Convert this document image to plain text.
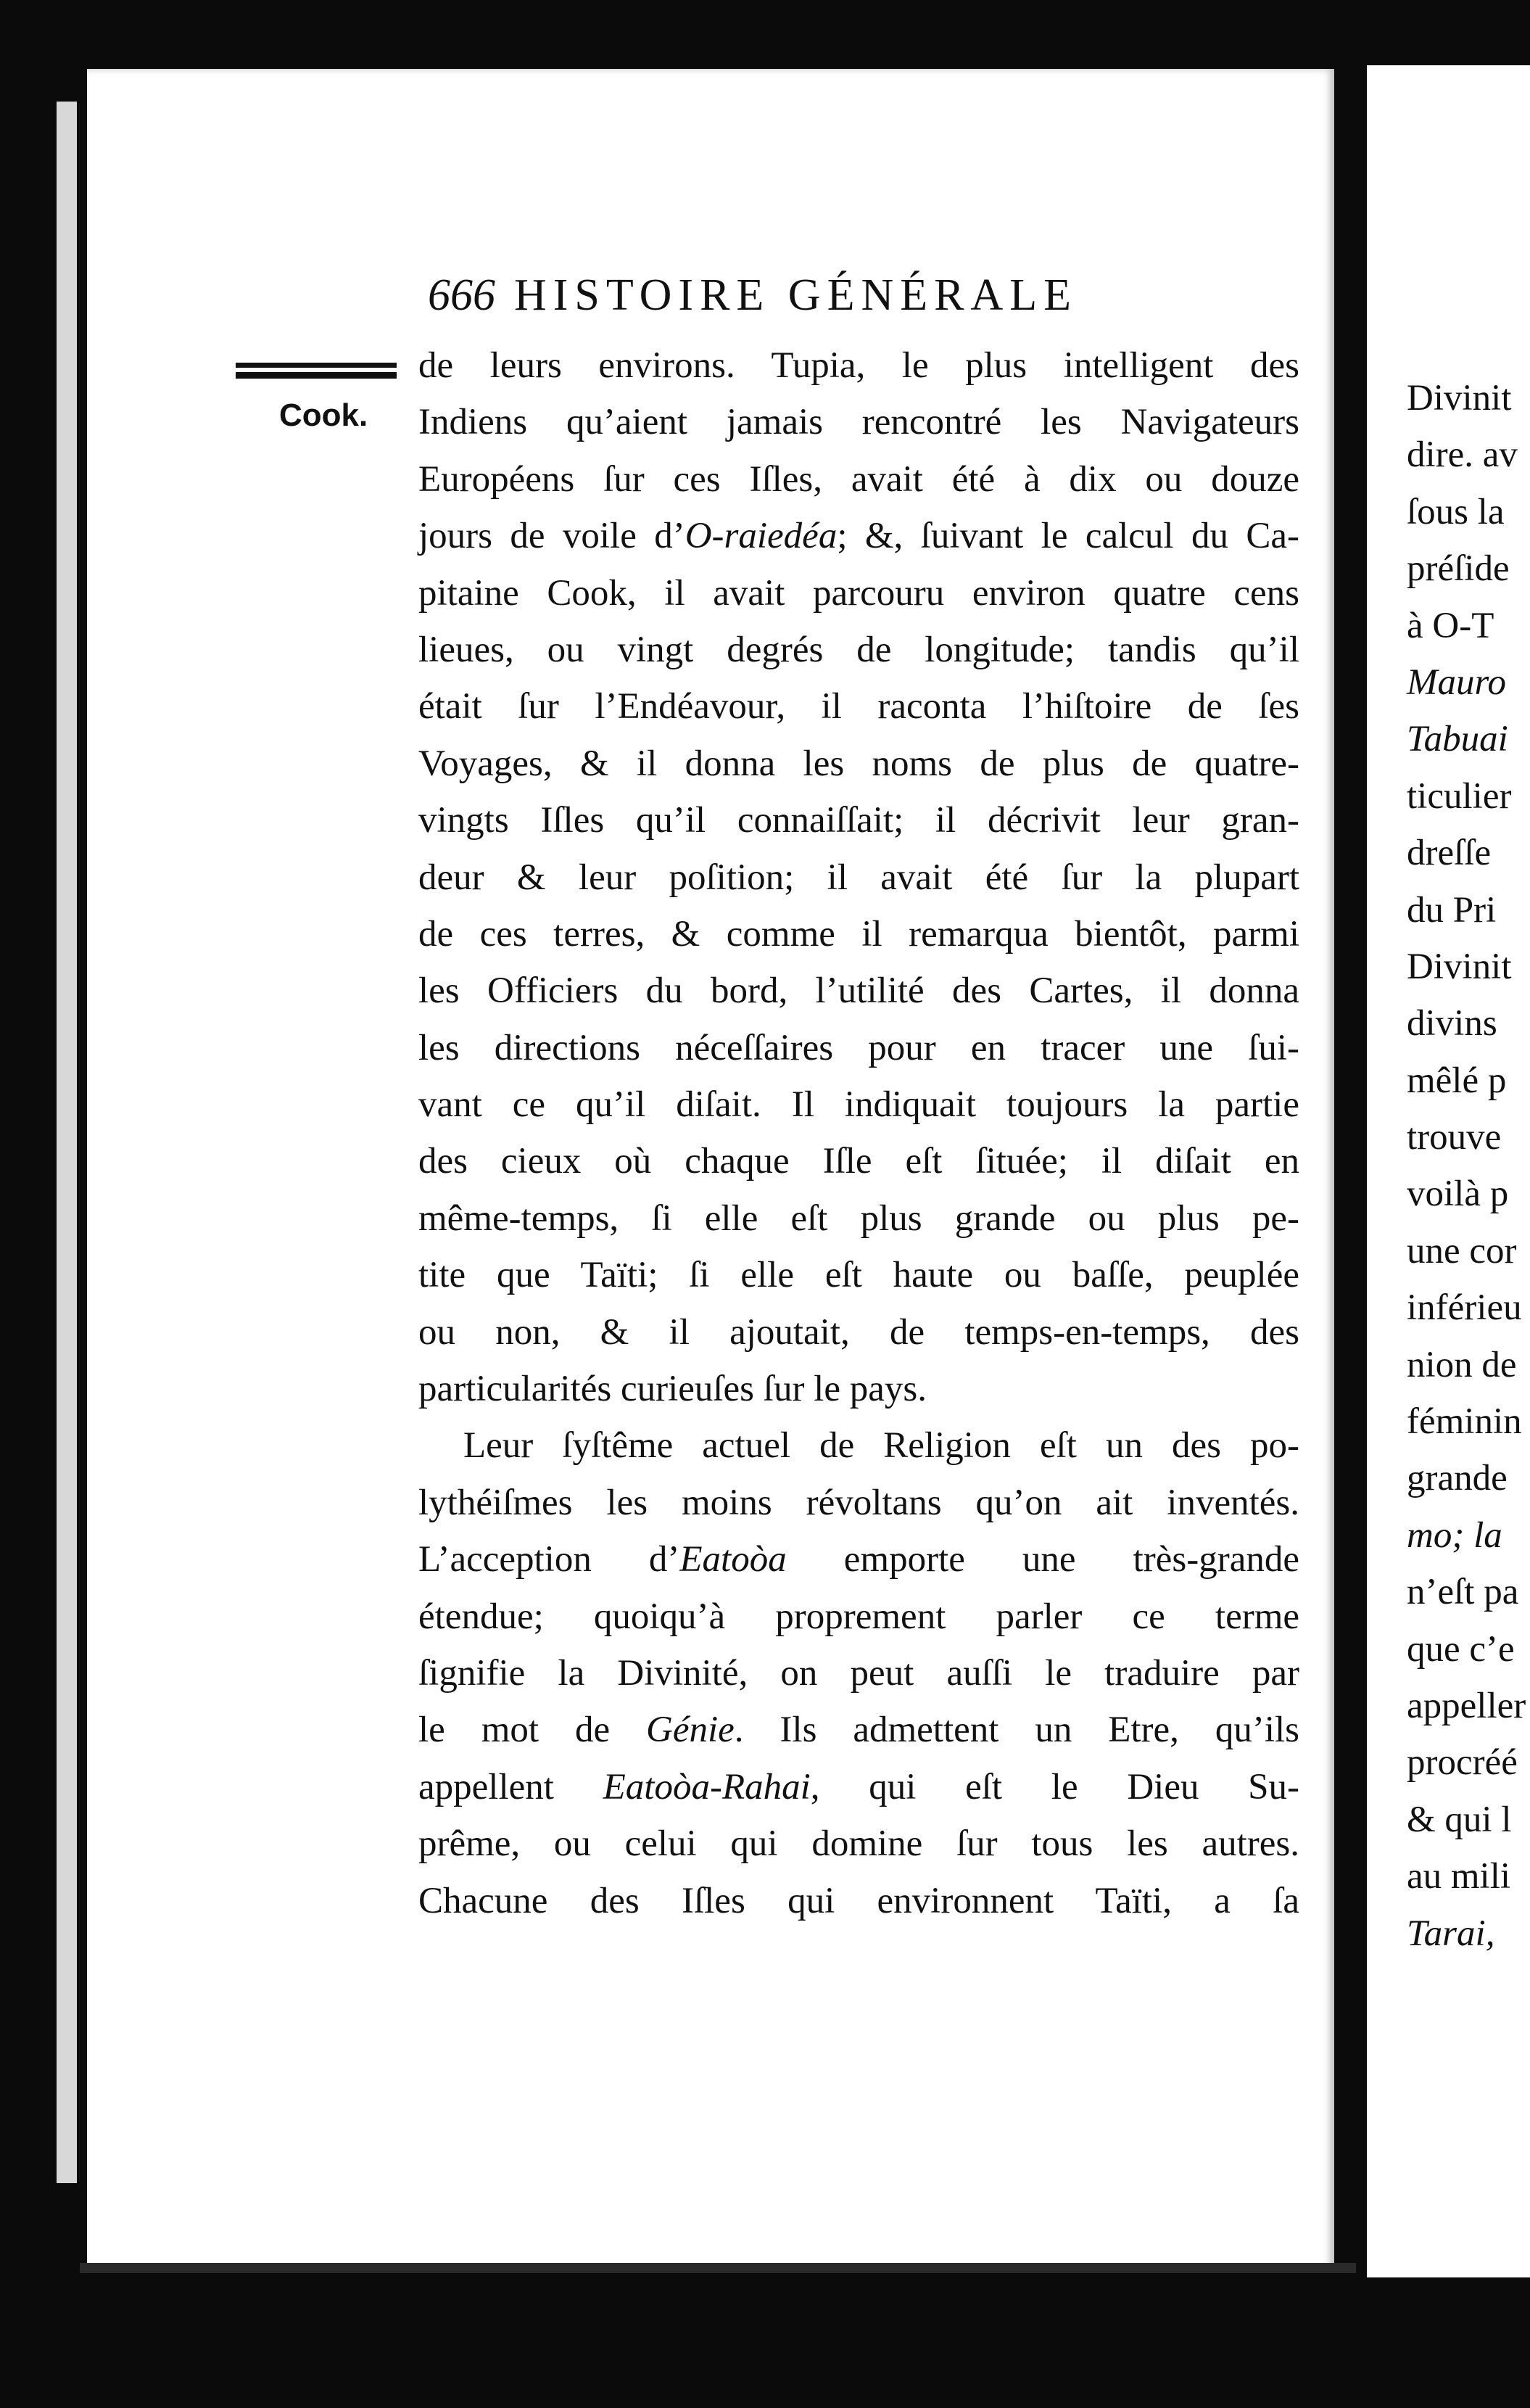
Divinit
dire. av
ſous la
préſide
à O-T
Mauro
Tabuai
ticulier
dreſſe
du Pri
Divinit
divins
mêlé p
trouve
voilà p
une cor
inférieu
nion de
féminin
grande
mo; la
n’eſt pa
que c’e
appeller
procréé
& qui l
au mili
Tarai,
666 HISTOIRE GÉNÉRALE
Cook.
de leurs environs. Tupia, le plus intelligent des
Indiens qu’aient jamais rencontré les Navigateurs
Européens ſur ces Iſles, avait été à dix ou douze
jours de voile d’O-raiedéa; &, ſuivant le calcul du Ca-
pitaine Cook, il avait parcouru environ quatre cens
lieues, ou vingt degrés de longitude; tandis qu’il
était ſur l’Endéavour, il raconta l’hiſtoire de ſes
Voyages, & il donna les noms de plus de quatre-
vingts Iſles qu’il connaiſſait; il décrivit leur gran-
deur & leur poſition; il avait été ſur la plupart
de ces terres, & comme il remarqua bientôt, parmi
les Officiers du bord, l’utilité des Cartes, il donna
les directions néceſſaires pour en tracer une ſui-
vant ce qu’il diſait. Il indiquait toujours la partie
des cieux où chaque Iſle eſt ſituée; il diſait en
même-temps, ſi elle eſt plus grande ou plus pe-
tite que Taïti; ſi elle eſt haute ou baſſe, peuplée
ou non, & il ajoutait, de temps-en-temps, des
particularités curieuſes ſur le pays.
Leur ſyſtême actuel de Religion eſt un des po-
lythéiſmes les moins révoltans qu’on ait inventés.
L’acception d’Eatoòa emporte une très-grande
étendue; quoiqu’à proprement parler ce terme
ſignifie la Divinité, on peut auſſi le traduire par
le mot de Génie. Ils admettent un Etre, qu’ils
appellent Eatoòa-Rahai, qui eſt le Dieu Su-
prême, ou celui qui domine ſur tous les autres.
Chacune des Iſles qui environnent Taïti, a ſa
